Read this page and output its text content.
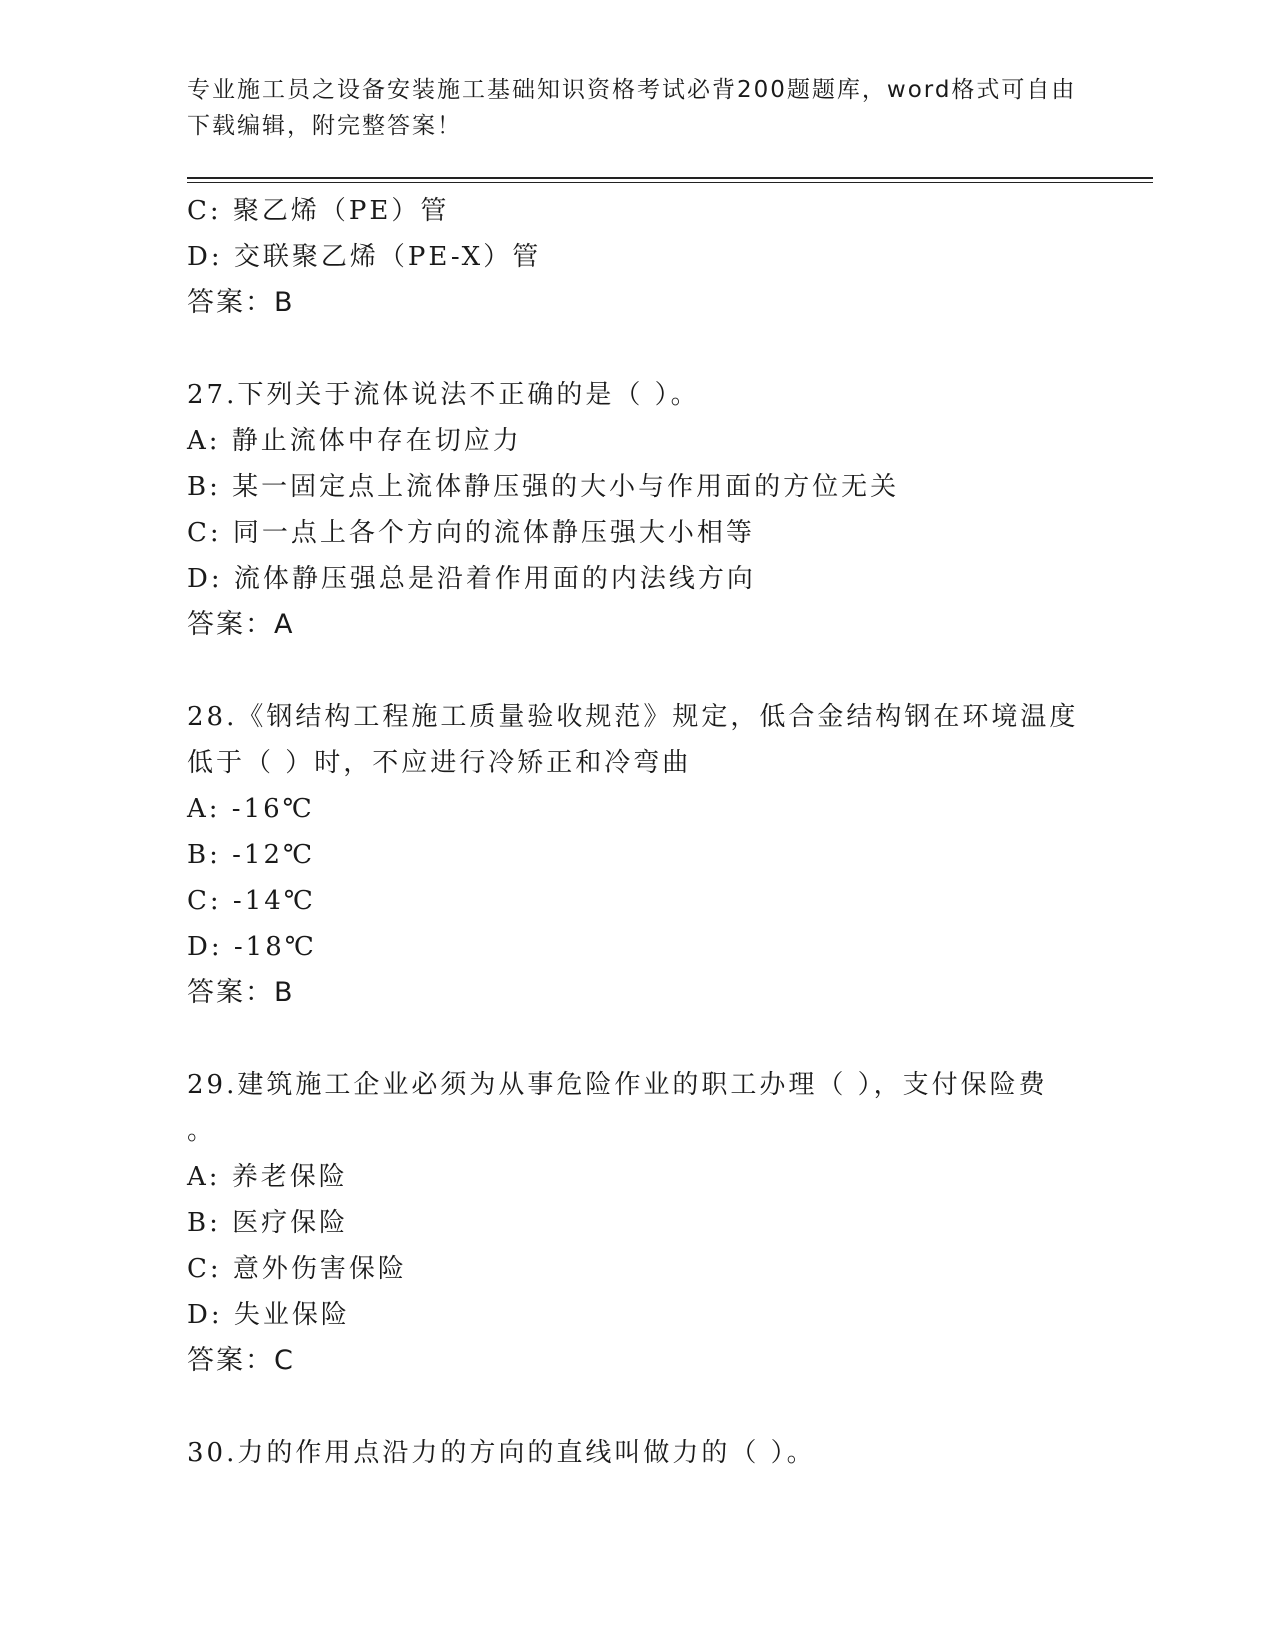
专业施工员之设备安装施工基础知识资格考试必背200题题库，word格式可自由
下载编辑，附完整答案！
C: 聚乙烯（PE）管
D: 交联聚乙烯（PE-X）管
答案：B
27.下列关于流体说法不正确的是（ ）。
A: 静止流体中存在切应力
B: 某一固定点上流体静压强的大小与作用面的方位无关
C: 同一点上各个方向的流体静压强大小相等
D: 流体静压强总是沿着作用面的内法线方向
答案：A
28.《钢结构工程施工质量验收规范》规定，低合金结构钢在环境温度
低于（ ）时，不应进行冷矫正和冷弯曲
A: -16℃
B: -12℃
C: -14℃
D: -18℃
答案：B
29.建筑施工企业必须为从事危险作业的职工办理（ ），支付保险费
。
A: 养老保险
B: 医疗保险
C: 意外伤害保险
D: 失业保险
答案：C
30.力的作用点沿力的方向的直线叫做力的（ ）。
